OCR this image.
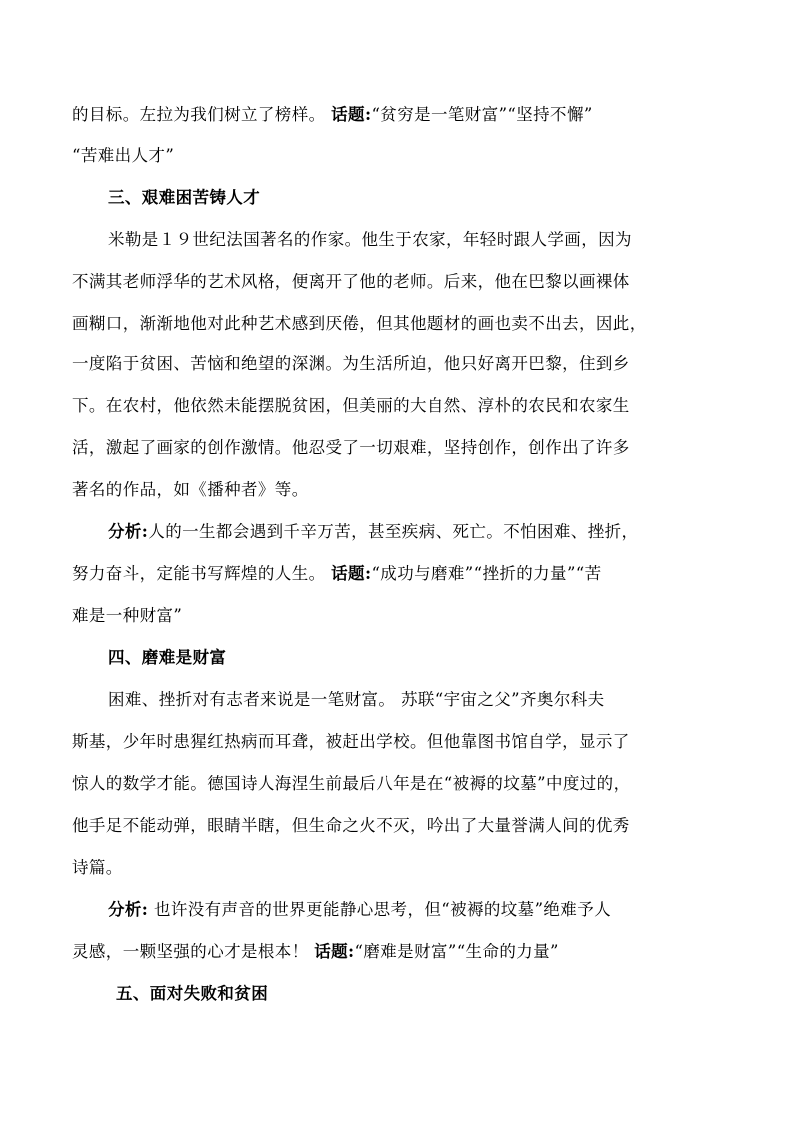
的目标。左拉为我们树立了榜样。 话题:“贫穷是一笔财富”“坚持不懈”
“苦难出人才”
三、艰难困苦铸人才
米勒是１９世纪法国著名的作家。他生于农家，年轻时跟人学画，因为
不满其老师浮华的艺术风格，便离开了他的老师。后来，他在巴黎以画裸体
画糊口，渐渐地他对此种艺术感到厌倦，但其他题材的画也卖不出去，因此，
一度陷于贫困、苦恼和绝望的深渊。为生活所迫，他只好离开巴黎，住到乡
下。在农村，他依然未能摆脱贫困，但美丽的大自然、淳朴的农民和农家生
活，激起了画家的创作激情。他忍受了一切艰难，坚持创作，创作出了许多
著名的作品，如《播种者》等。
分析:人的一生都会遇到千辛万苦，甚至疾病、死亡。不怕困难、挫折，
努力奋斗，定能书写辉煌的人生。 话题:“成功与磨难”“挫折的力量”“苦
难是一种财富”
四、磨难是财富
困难、挫折对有志者来说是一笔财富。 苏联“宇宙之父”齐奥尔科夫
斯基，少年时患猩红热病而耳聋，被赶出学校。但他靠图书馆自学，显示了
惊人的数学才能。德国诗人海涅生前最后八年是在“被褥的坟墓”中度过的，
他手足不能动弹，眼睛半瞎，但生命之火不灭，吟出了大量誉满人间的优秀
诗篇。
分析: 也许没有声音的世界更能静心思考，但“被褥的坟墓”绝难予人
灵感，一颗坚强的心才是根本！ 话题:“磨难是财富”“生命的力量”
五、面对失败和贫困
